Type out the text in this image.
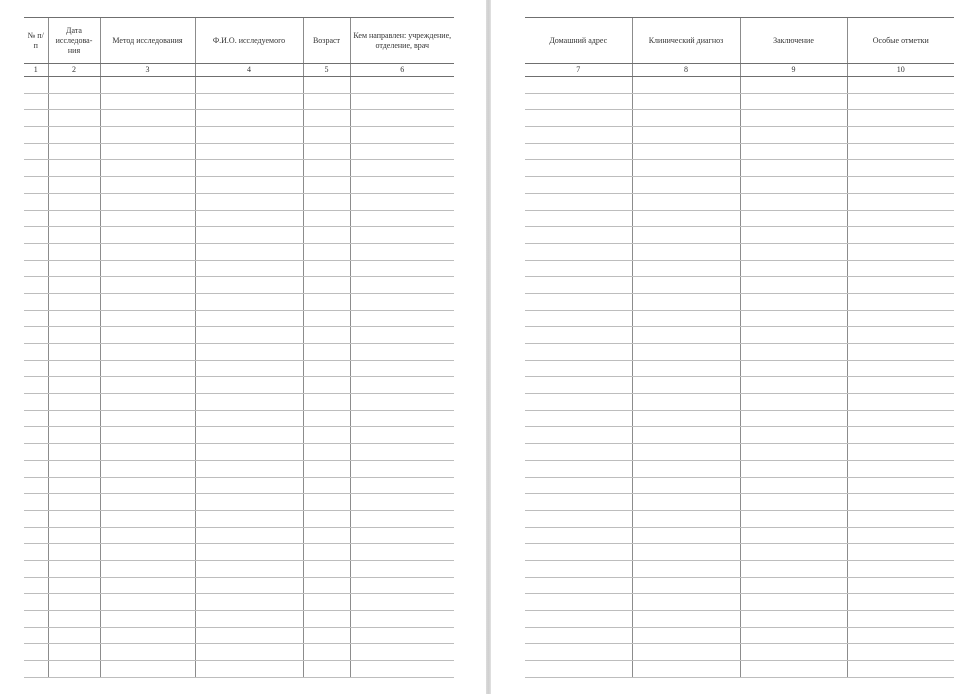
№ п/п	Дата исследова-ния	Метод исследования	Ф.И.О. исследуемого	Возраст	Кем направлен: учреждение, отделение, врач
1	2	3	4	5	6

Домашний адрес	Клинический диагноз	Заключение	Особые отметки
7	8	9	10
